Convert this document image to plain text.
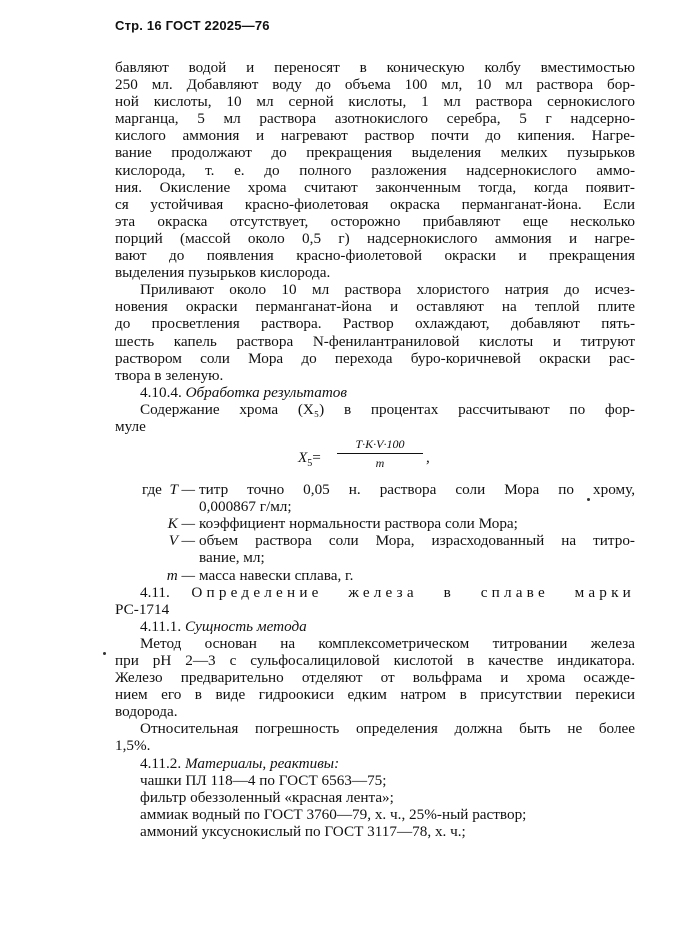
Стр. 16 ГОСТ 22025—76

бавляют водой и переносят в коническую колбу вместимостью
250 мл. Добавляют воду до объема 100 мл, 10 мл раствора бор-
ной кислоты, 10 мл серной кислоты, 1 мл раствора сернокислого
марганца, 5 мл раствора азотнокислого серебра, 5 г надсерно-
кислого аммония и нагревают раствор почти до кипения. Нагре-
вание продолжают до прекращения выделения мелких пузырьков
кислорода, т. е. до полного разложения надсернокислого аммо-
ния. Окисление хрома считают законченным тогда, когда появит-
ся устойчивая красно-фиолетовая окраска перманганат-йона. Если
эта окраска отсутствует, осторожно прибавляют еще несколько
порций (массой около 0,5 г) надсернокислого аммония и нагре-
вают до появления красно-фиолетовой окраски и прекращения
выделения пузырьков кислорода.

Приливают около 10 мл раствора хлористого натрия до исчез-
новения окраски перманганат-йона и оставляют на теплой плите
до просветления раствора. Раствор охлаждают, добавляют пять-
шесть капель раствора N-фенилантраниловой кислоты и титруют
раствором соли Мора до перехода буро-коричневой окраски рас-
твора в зеленую.

4.10.4. Обработка результатов

Содержание хрома (X₅) в процентах рассчитывают по фор-
муле

$X_5= \frac{T\cdot K\cdot V\cdot 100}{m}$ ,
где T — титр точно 0,05 н. раствора соли Мора по хрому,
0,000867 г/мл;
K — коэффициент нормальности раствора соли Мора;
V — объем раствора соли Мора, израсходованный на титро-
вание, мл;
m — масса навески сплава, г.

4.11. Определение железа в сплаве марки
РС-1714

4.11.1. Сущность метода

Метод основан на комплексометрическом титровании железа
при pH 2—3 с сульфосалициловой кислотой в качестве индикатора.
Железо предварительно отделяют от вольфрама и хрома осажде-
нием его в виде гидроокиси едким натром в присутствии перекиси
водорода.

Относительная погрешность определения должна быть не более
1,5%.

4.11.2. Материалы, реактивы:

чашки ПЛ 118—4 по ГОСТ 6563—75;
фильтр обеззоленный «красная лента»;
аммиак водный по ГОСТ 3760—79, х. ч., 25%-ный раствор;
аммоний уксуснокислый по ГОСТ 3117—78, х. ч.;
